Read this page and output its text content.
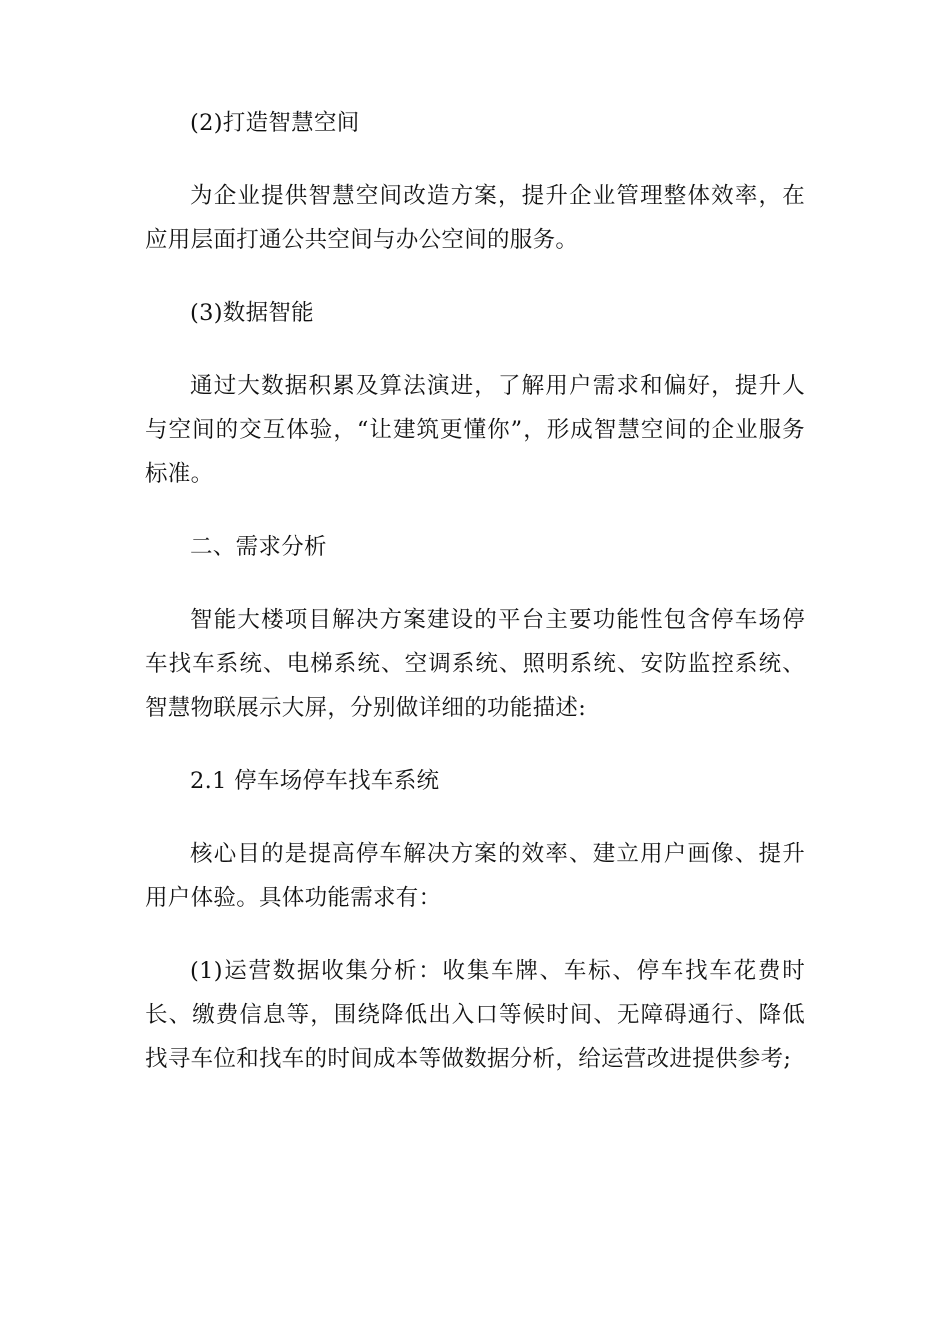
(2)打造智慧空间

为企业提供智慧空间改造方案，提升企业管理整体效率，在应用层面打通公共空间与办公空间的服务。

(3)数据智能

通过大数据积累及算法演进，了解用户需求和偏好，提升人与空间的交互体验，“让建筑更懂你”，形成智慧空间的企业服务标准。

二、需求分析

智能大楼项目解决方案建设的平台主要功能性包含停车场停车找车系统、电梯系统、空调系统、照明系统、安防监控系统、智慧物联展示大屏，分别做详细的功能描述:

2.1 停车场停车找车系统

核心目的是提高停车解决方案的效率、建立用户画像、提升用户体验。具体功能需求有：

(1)运营数据收集分析：收集车牌、车标、停车找车花费时长、缴费信息等，围绕降低出入口等候时间、无障碍通行、降低找寻车位和找车的时间成本等做数据分析，给运营改进提供参考;
